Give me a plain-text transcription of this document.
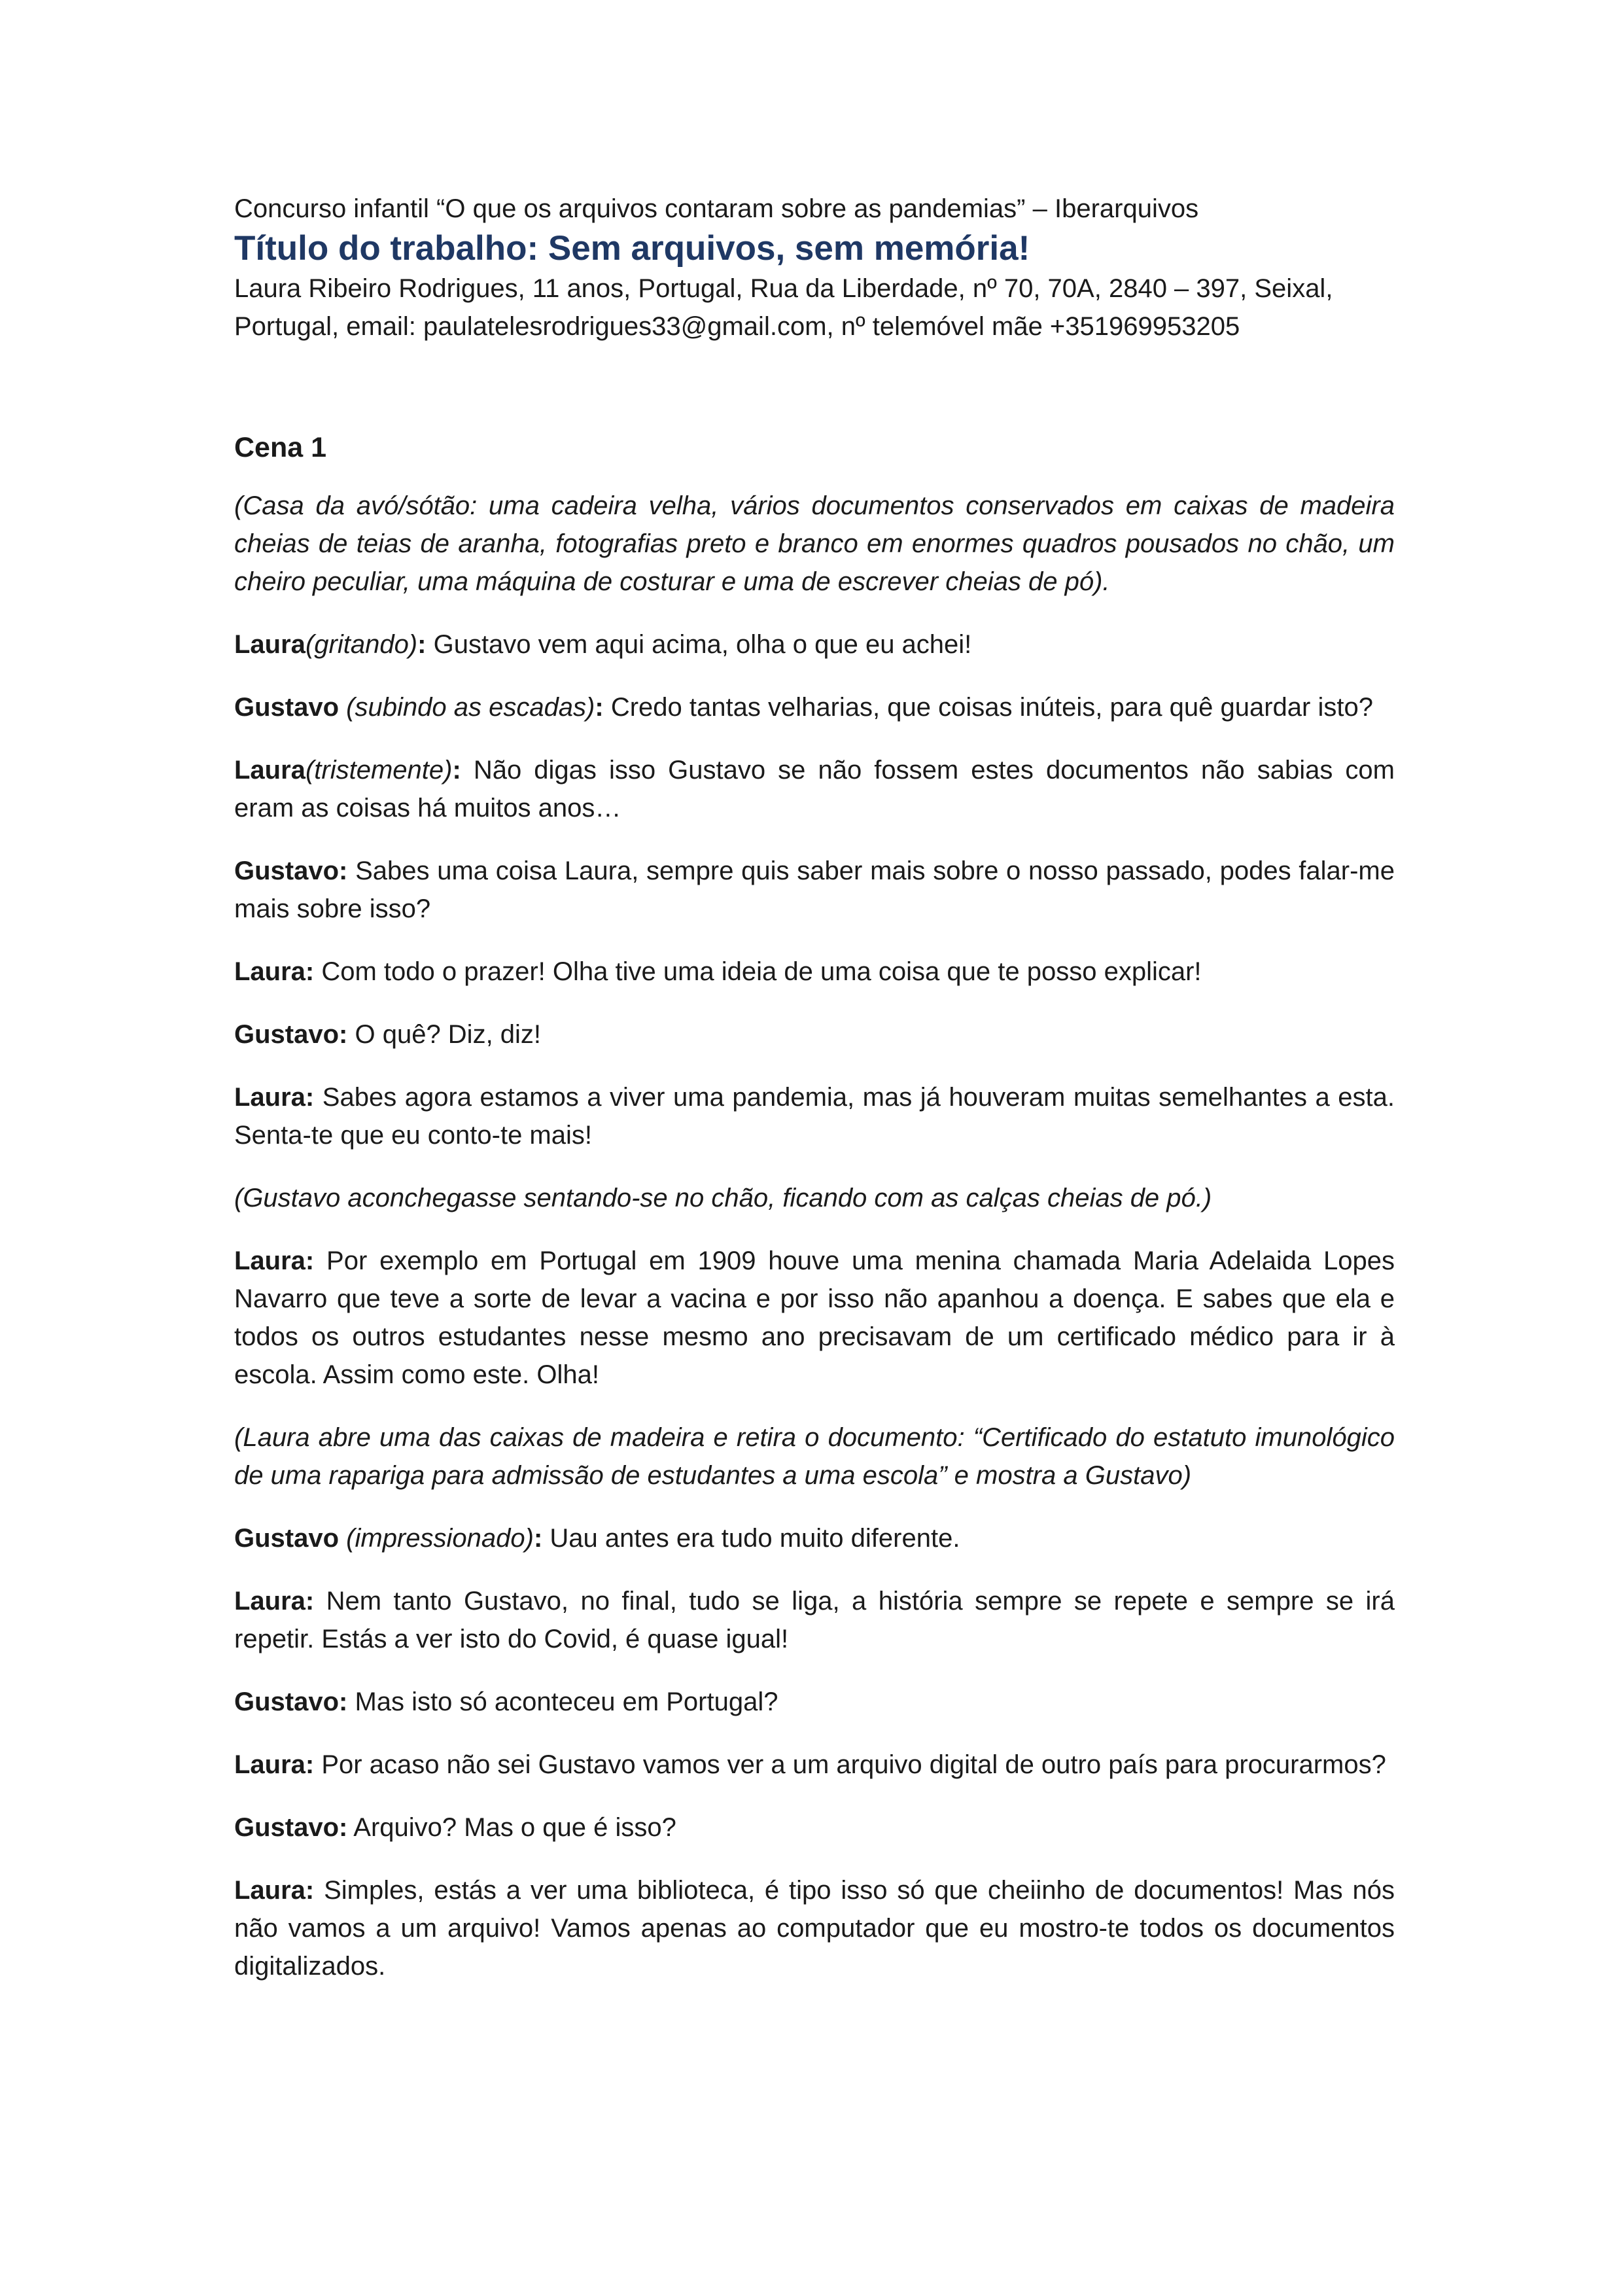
Concurso infantil “O que os arquivos contaram sobre as pandemias” – Iberarquivos

Título do trabalho: Sem arquivos, sem memória!

Laura Ribeiro Rodrigues, 11 anos, Portugal, Rua da Liberdade, nº 70, 70A, 2840 – 397, Seixal, Portugal, email: paulatelesrodrigues33@gmail.com, nº telemóvel mãe +351969953205

Cena 1

(Casa da avó/sótão: uma cadeira velha, vários documentos conservados em caixas de madeira cheias de teias de aranha, fotografias preto e branco em enormes quadros pousados no chão, um cheiro peculiar, uma máquina de costurar e uma de escrever cheias de pó).

Laura(gritando): Gustavo vem aqui acima, olha o que eu achei!

Gustavo (subindo as escadas): Credo tantas velharias, que coisas inúteis, para quê guardar isto?

Laura(tristemente): Não digas isso Gustavo se não fossem estes documentos não sabias com eram as coisas há muitos anos…

Gustavo: Sabes uma coisa Laura, sempre quis saber mais sobre o nosso passado, podes falar-me mais sobre isso?

Laura: Com todo o prazer! Olha tive uma ideia de uma coisa que te posso explicar!

Gustavo: O quê? Diz, diz!

Laura: Sabes agora estamos a viver uma pandemia, mas já houveram muitas semelhantes a esta. Senta-te que eu conto-te mais!

(Gustavo aconchegasse sentando-se no chão, ficando com as calças cheias de pó.)

Laura: Por exemplo em Portugal em 1909 houve uma menina chamada Maria Adelaida Lopes Navarro que teve a sorte de levar a vacina e por isso não apanhou a doença. E sabes que ela e todos os outros estudantes nesse mesmo ano precisavam de um certificado médico para ir à escola. Assim como este. Olha!

(Laura abre uma das caixas de madeira e retira o documento: “Certificado do estatuto imunológico de uma rapariga para admissão de estudantes a uma escola” e mostra a Gustavo)

Gustavo (impressionado): Uau antes era tudo muito diferente.

Laura: Nem tanto Gustavo, no final, tudo se liga, a história sempre se repete e sempre se irá repetir. Estás a ver isto do Covid, é quase igual!

Gustavo: Mas isto só aconteceu em Portugal?

Laura: Por acaso não sei Gustavo vamos ver a um arquivo digital de outro país para procurarmos?

Gustavo: Arquivo? Mas o que é isso?

Laura: Simples, estás a ver uma biblioteca, é tipo isso só que cheiinho de documentos! Mas nós não vamos a um arquivo! Vamos apenas ao computador que eu mostro-te todos os documentos digitalizados.
